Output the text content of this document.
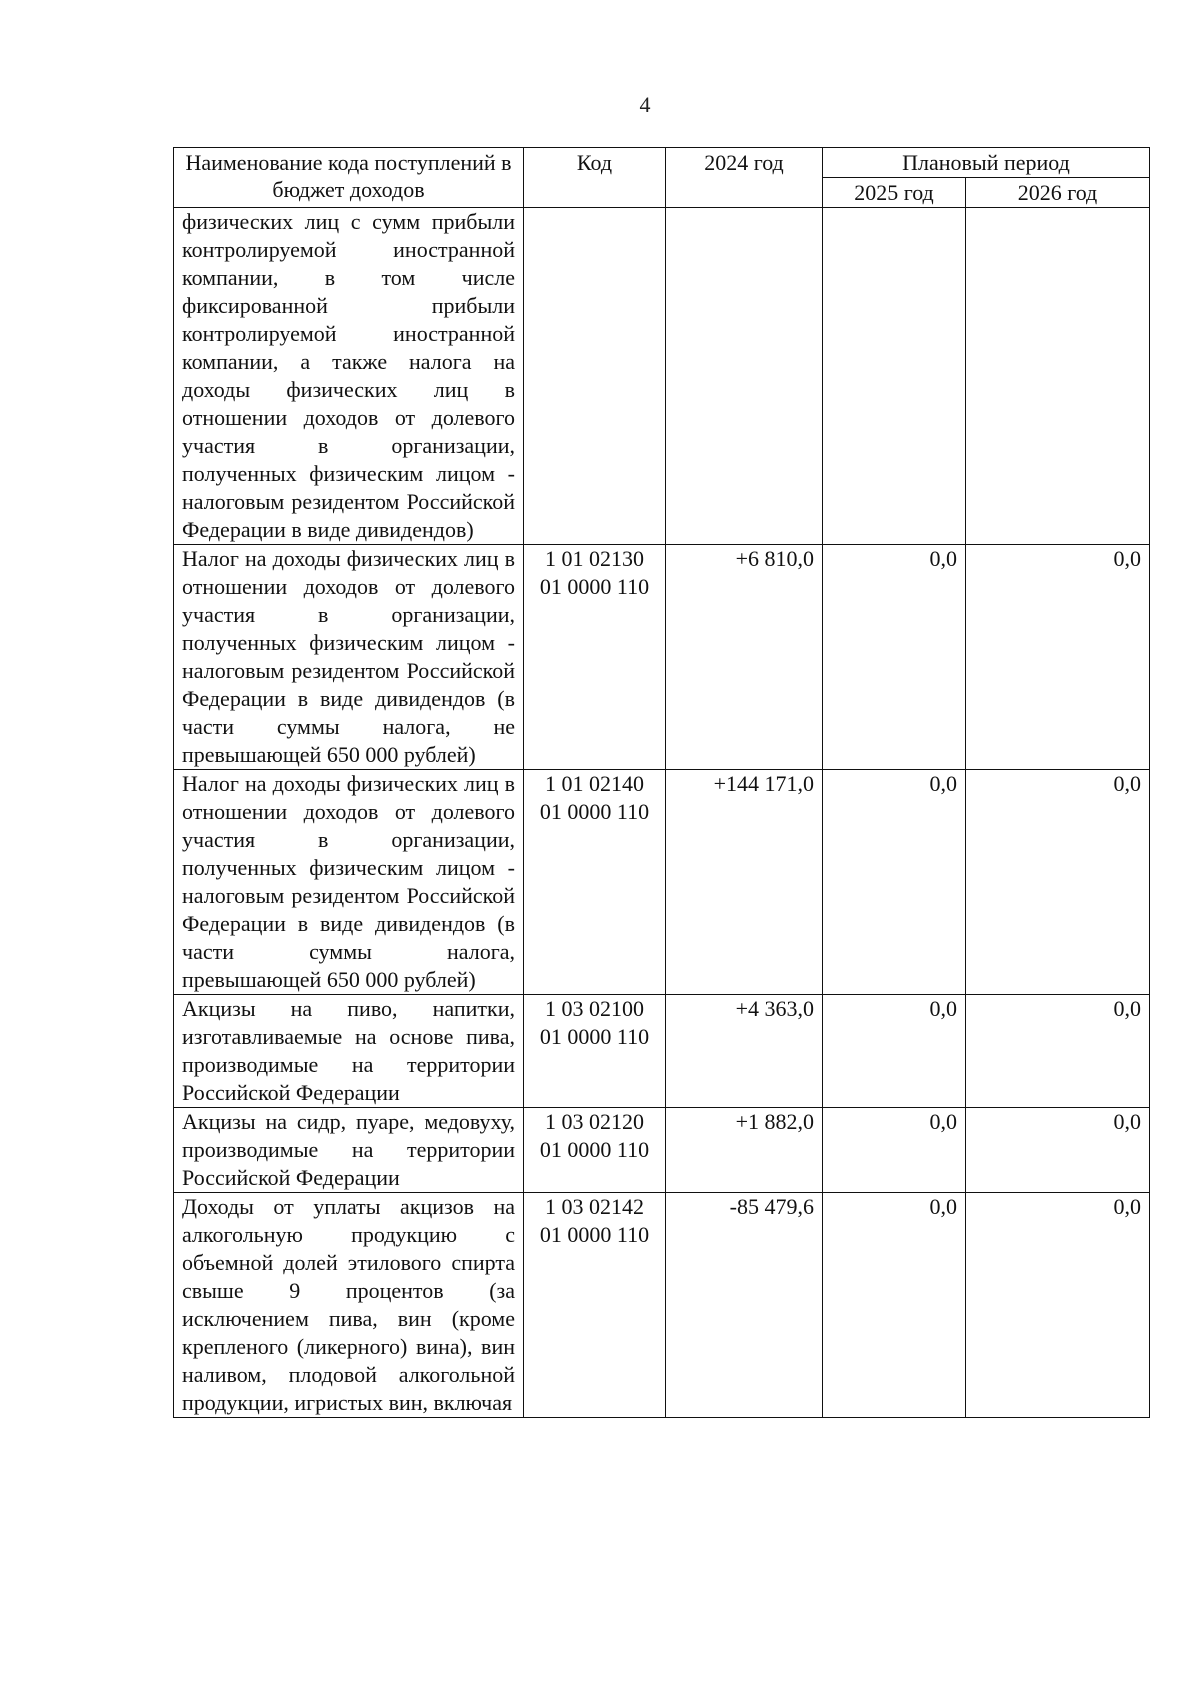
4
Наименование кода поступлений в бюджет доходов	Код	2024 год	Плановый период	
			2025 год	2026 год
физических лиц с сумм прибыли контролируемой иностранной компании, в том числе фиксированной прибыли контролируемой иностранной компании, а также налога на доходы физических лиц в отношении доходов от долевого участия в организации, полученных физическим лицом - налоговым резидентом Российской Федерации в виде дивидендов)				
Налог на доходы физических лиц в отношении доходов от долевого участия в организации, полученных физическим лицом - налоговым резидентом Российской Федерации в виде дивидендов (в части суммы налога, не превышающей 650 000 рублей)	1 01 02130 01 0000 110	+6 810,0	0,0	0,0
Налог на доходы физических лиц в отношении доходов от долевого участия в организации, полученных физическим лицом - налоговым резидентом Российской Федерации в виде дивидендов (в части суммы налога, превышающей 650 000 рублей)	1 01 02140 01 0000 110	+144 171,0	0,0	0,0
Акцизы на пиво, напитки, изготавливаемые на основе пива, производимые на территории Российской Федерации	1 03 02100 01 0000 110	+4 363,0	0,0	0,0
Акцизы на сидр, пуаре, медовуху, производимые на территории Российской Федерации	1 03 02120 01 0000 110	+1 882,0	0,0	0,0
Доходы от уплаты акцизов на алкогольную продукцию с объемной долей этилового спирта свыше 9 процентов (за исключением пива, вин (кроме крепленого (ликерного) вина), вин наливом, плодовой алкогольной продукции, игристых вин, включая	1 03 02142 01 0000 110	-85 479,6	0,0	0,0
